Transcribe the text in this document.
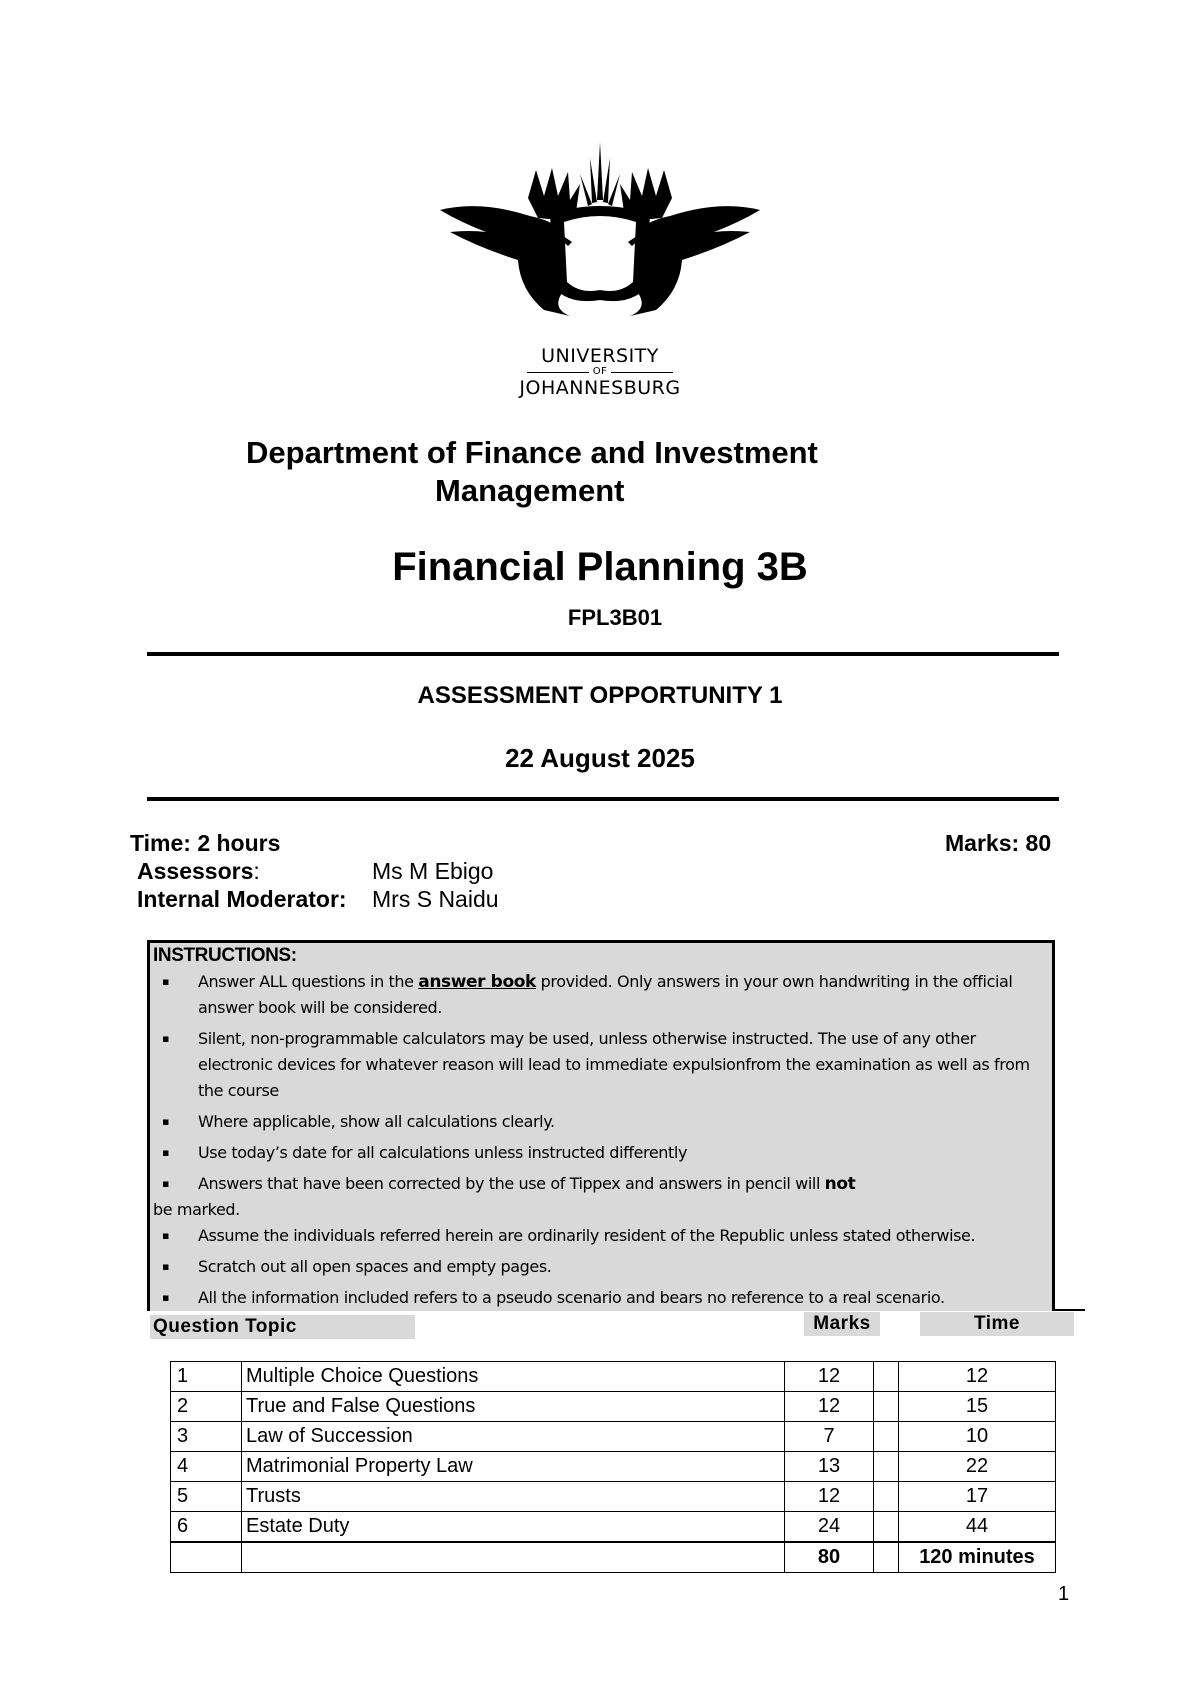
UNIVERSITY
OF
JOHANNESBURG
Department of Finance and Investment
Management
Financial Planning 3B
FPL3B01
ASSESSMENT OPPORTUNITY 1
22 August 2025
Time: 2 hours	Marks: 80
Assessors:	Ms M Ebigo
Internal Moderator: Mrs S Naidu
INSTRUCTIONS:
▪ Answer ALL questions in the answer book provided. Only answers in your own handwriting in the official answer book will be considered.
▪ Silent, non-programmable calculators may be used, unless otherwise instructed. The use of any other electronic devices for whatever reason will lead to immediate expulsionfrom the examination as well as from the course
▪ Where applicable, show all calculations clearly.
▪ Use today’s date for all calculations unless instructed differently
▪ Answers that have been corrected by the use of Tippex and answers in pencil will not
be marked.
▪ Assume the individuals referred herein are ordinarily resident of the Republic unless stated otherwise.
▪ Scratch out all open spaces and empty pages.
▪ All the information included refers to a pseudo scenario and bears no reference to a real scenario.
Question Topic	Marks	Time
1	Multiple Choice Questions	12		12
2	True and False Questions	12		15
3	Law of Succession	7		10
4	Matrimonial Property Law	13		22
5	Trusts	12		17
6	Estate Duty	24		44
		80		120 minutes
1
